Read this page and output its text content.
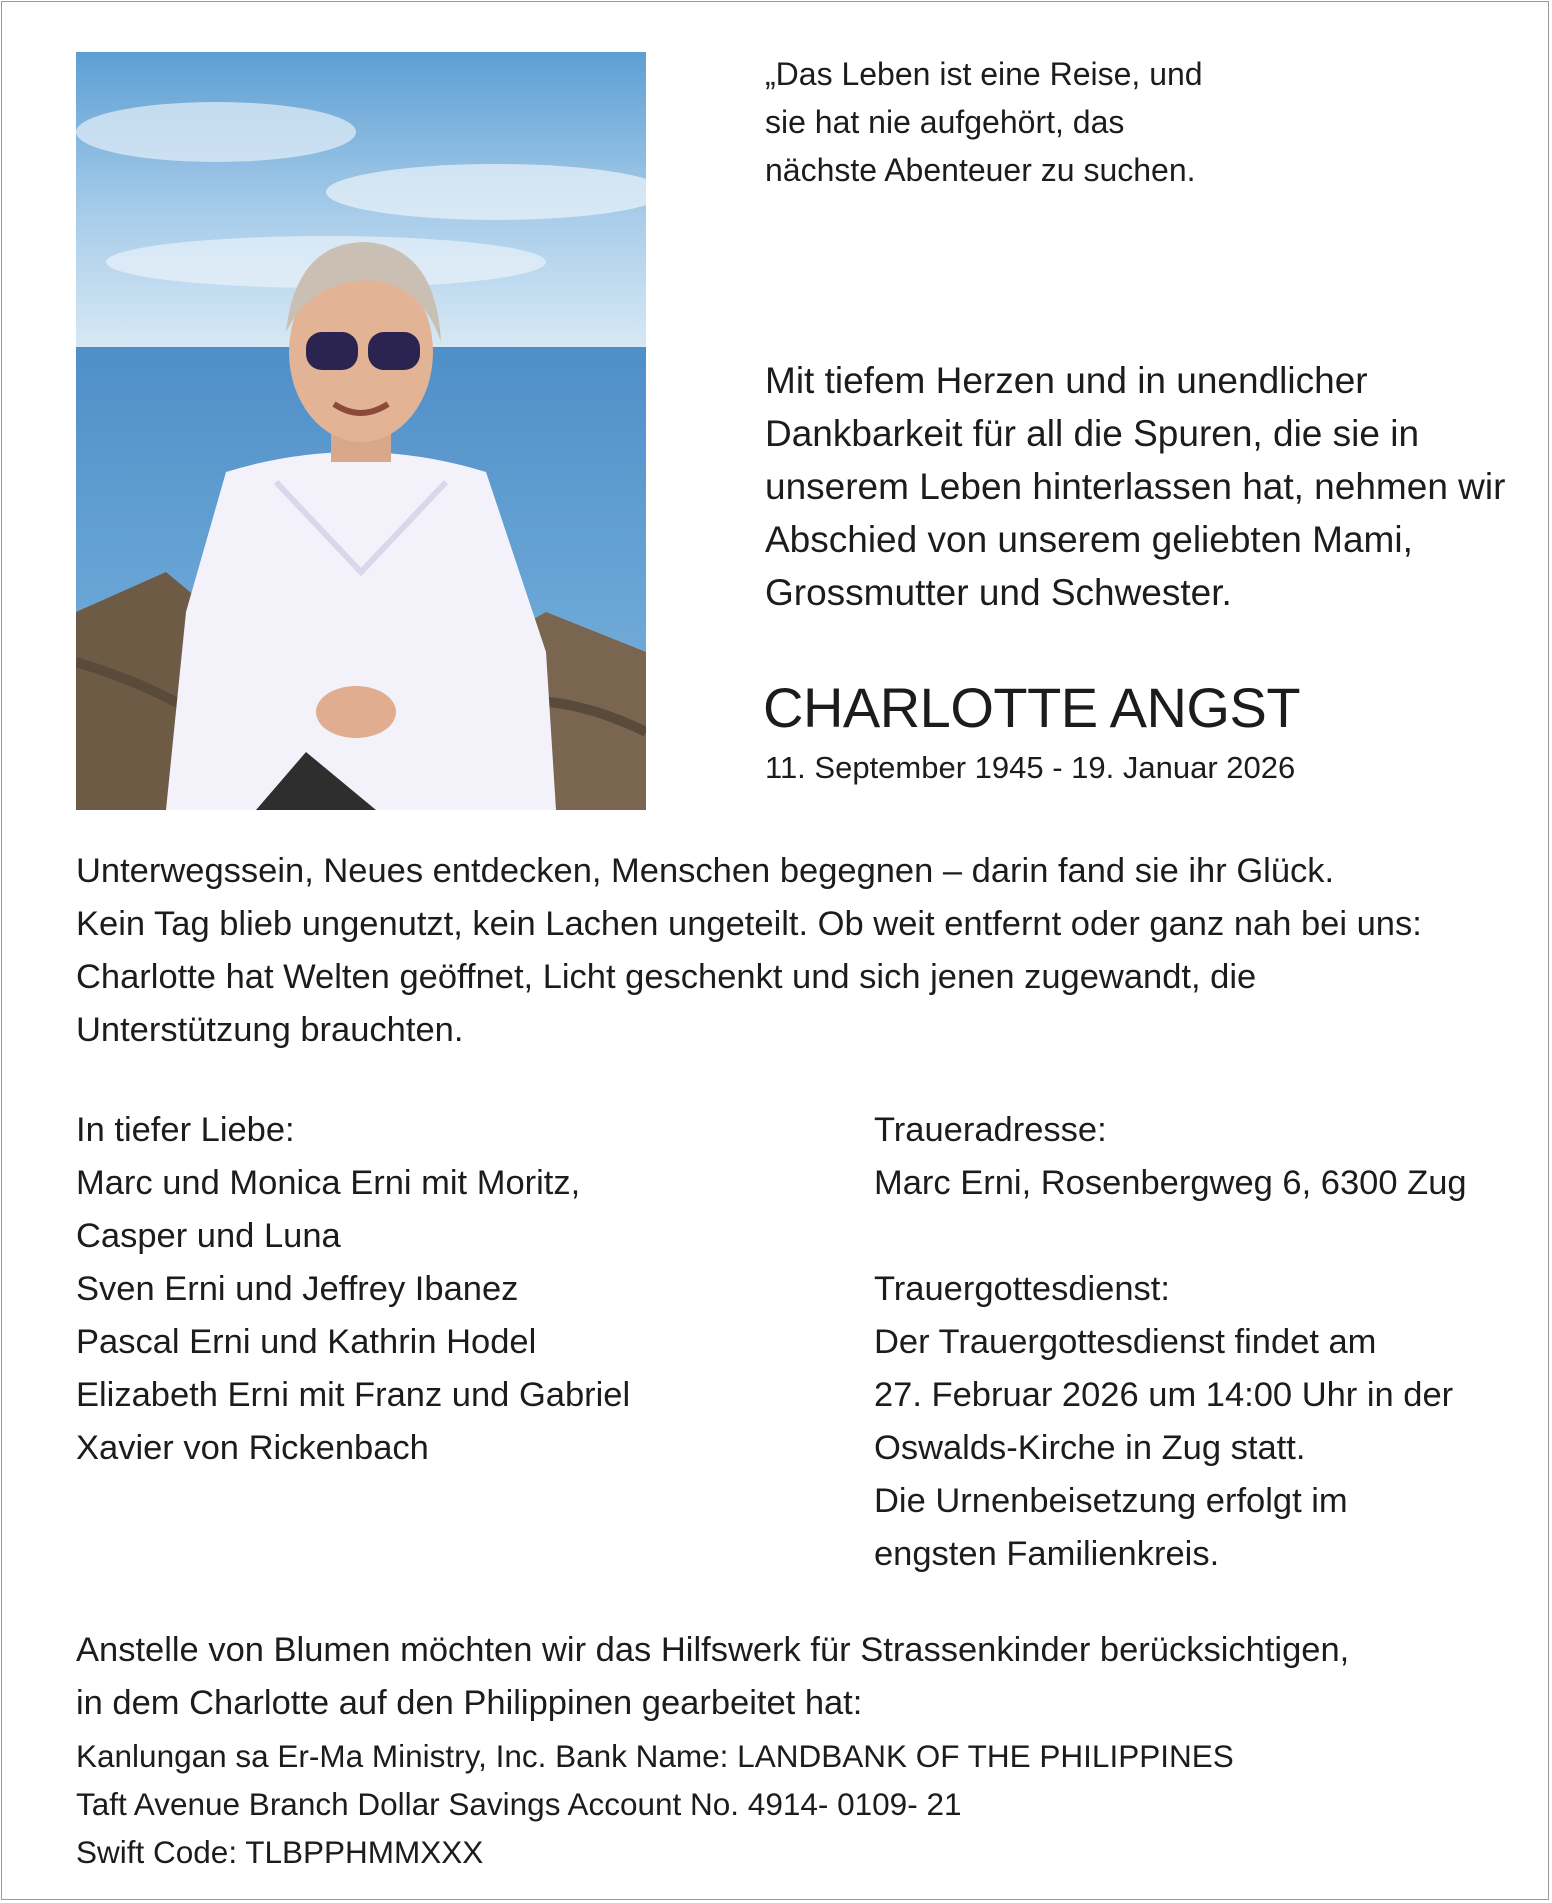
„Das Leben ist eine Reise, und
sie hat nie aufgehört, das
nächste Abenteuer zu suchen.
Mit tiefem Herzen und in unendlicher
Dankbarkeit für all die Spuren, die sie in
unserem Leben hinterlassen hat, nehmen wir
Abschied von unserem geliebten Mami,
Grossmutter und Schwester.
CHARLOTTE ANGST
11. September 1945 - 19. Januar 2026
Unterwegssein, Neues entdecken, Menschen begegnen – darin fand sie ihr Glück.
Kein Tag blieb ungenutzt, kein Lachen ungeteilt. Ob weit entfernt oder ganz nah bei uns:
Charlotte hat Welten geöffnet, Licht geschenkt und sich jenen zugewandt, die
Unterstützung brauchten.
In tiefer Liebe:
Marc und Monica Erni mit Moritz,
Casper und Luna
Sven Erni und Jeffrey Ibanez
Pascal Erni und Kathrin Hodel
Elizabeth Erni mit Franz und Gabriel
Xavier von Rickenbach
Traueradresse:
Marc Erni, Rosenbergweg 6, 6300 Zug
Trauergottesdienst:
Der Trauergottesdienst findet am
27. Februar 2026 um 14:00 Uhr in der
Oswalds-Kirche in Zug statt.
Die Urnenbeisetzung erfolgt im
engsten Familienkreis.
Anstelle von Blumen möchten wir das Hilfswerk für Strassenkinder berücksichtigen,
in dem Charlotte auf den Philippinen gearbeitet hat:
Kanlungan sa Er-Ma Ministry, Inc. Bank Name: LANDBANK OF THE PHILIPPINES
Taft Avenue Branch Dollar Savings Account No. 4914- 0109- 21
Swift Code: TLBPPHMMXXX
